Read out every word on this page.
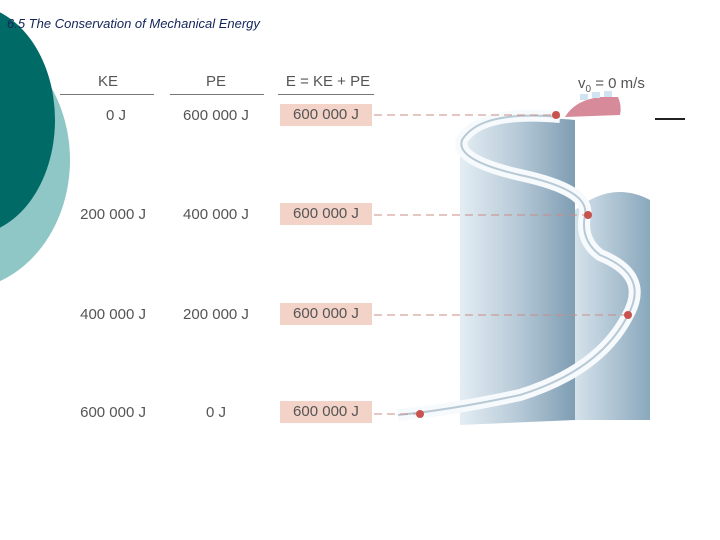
6.5 The Conservation of Mechanical Energy
KE	PE	E = KE + PE
0 J	600 000 J	600 000 J
200 000 J	400 000 J	600 000 J
400 000 J	200 000 J	600 000 J
600 000 J	0 J	600 000 J
$v_0 = 0$ m/s
